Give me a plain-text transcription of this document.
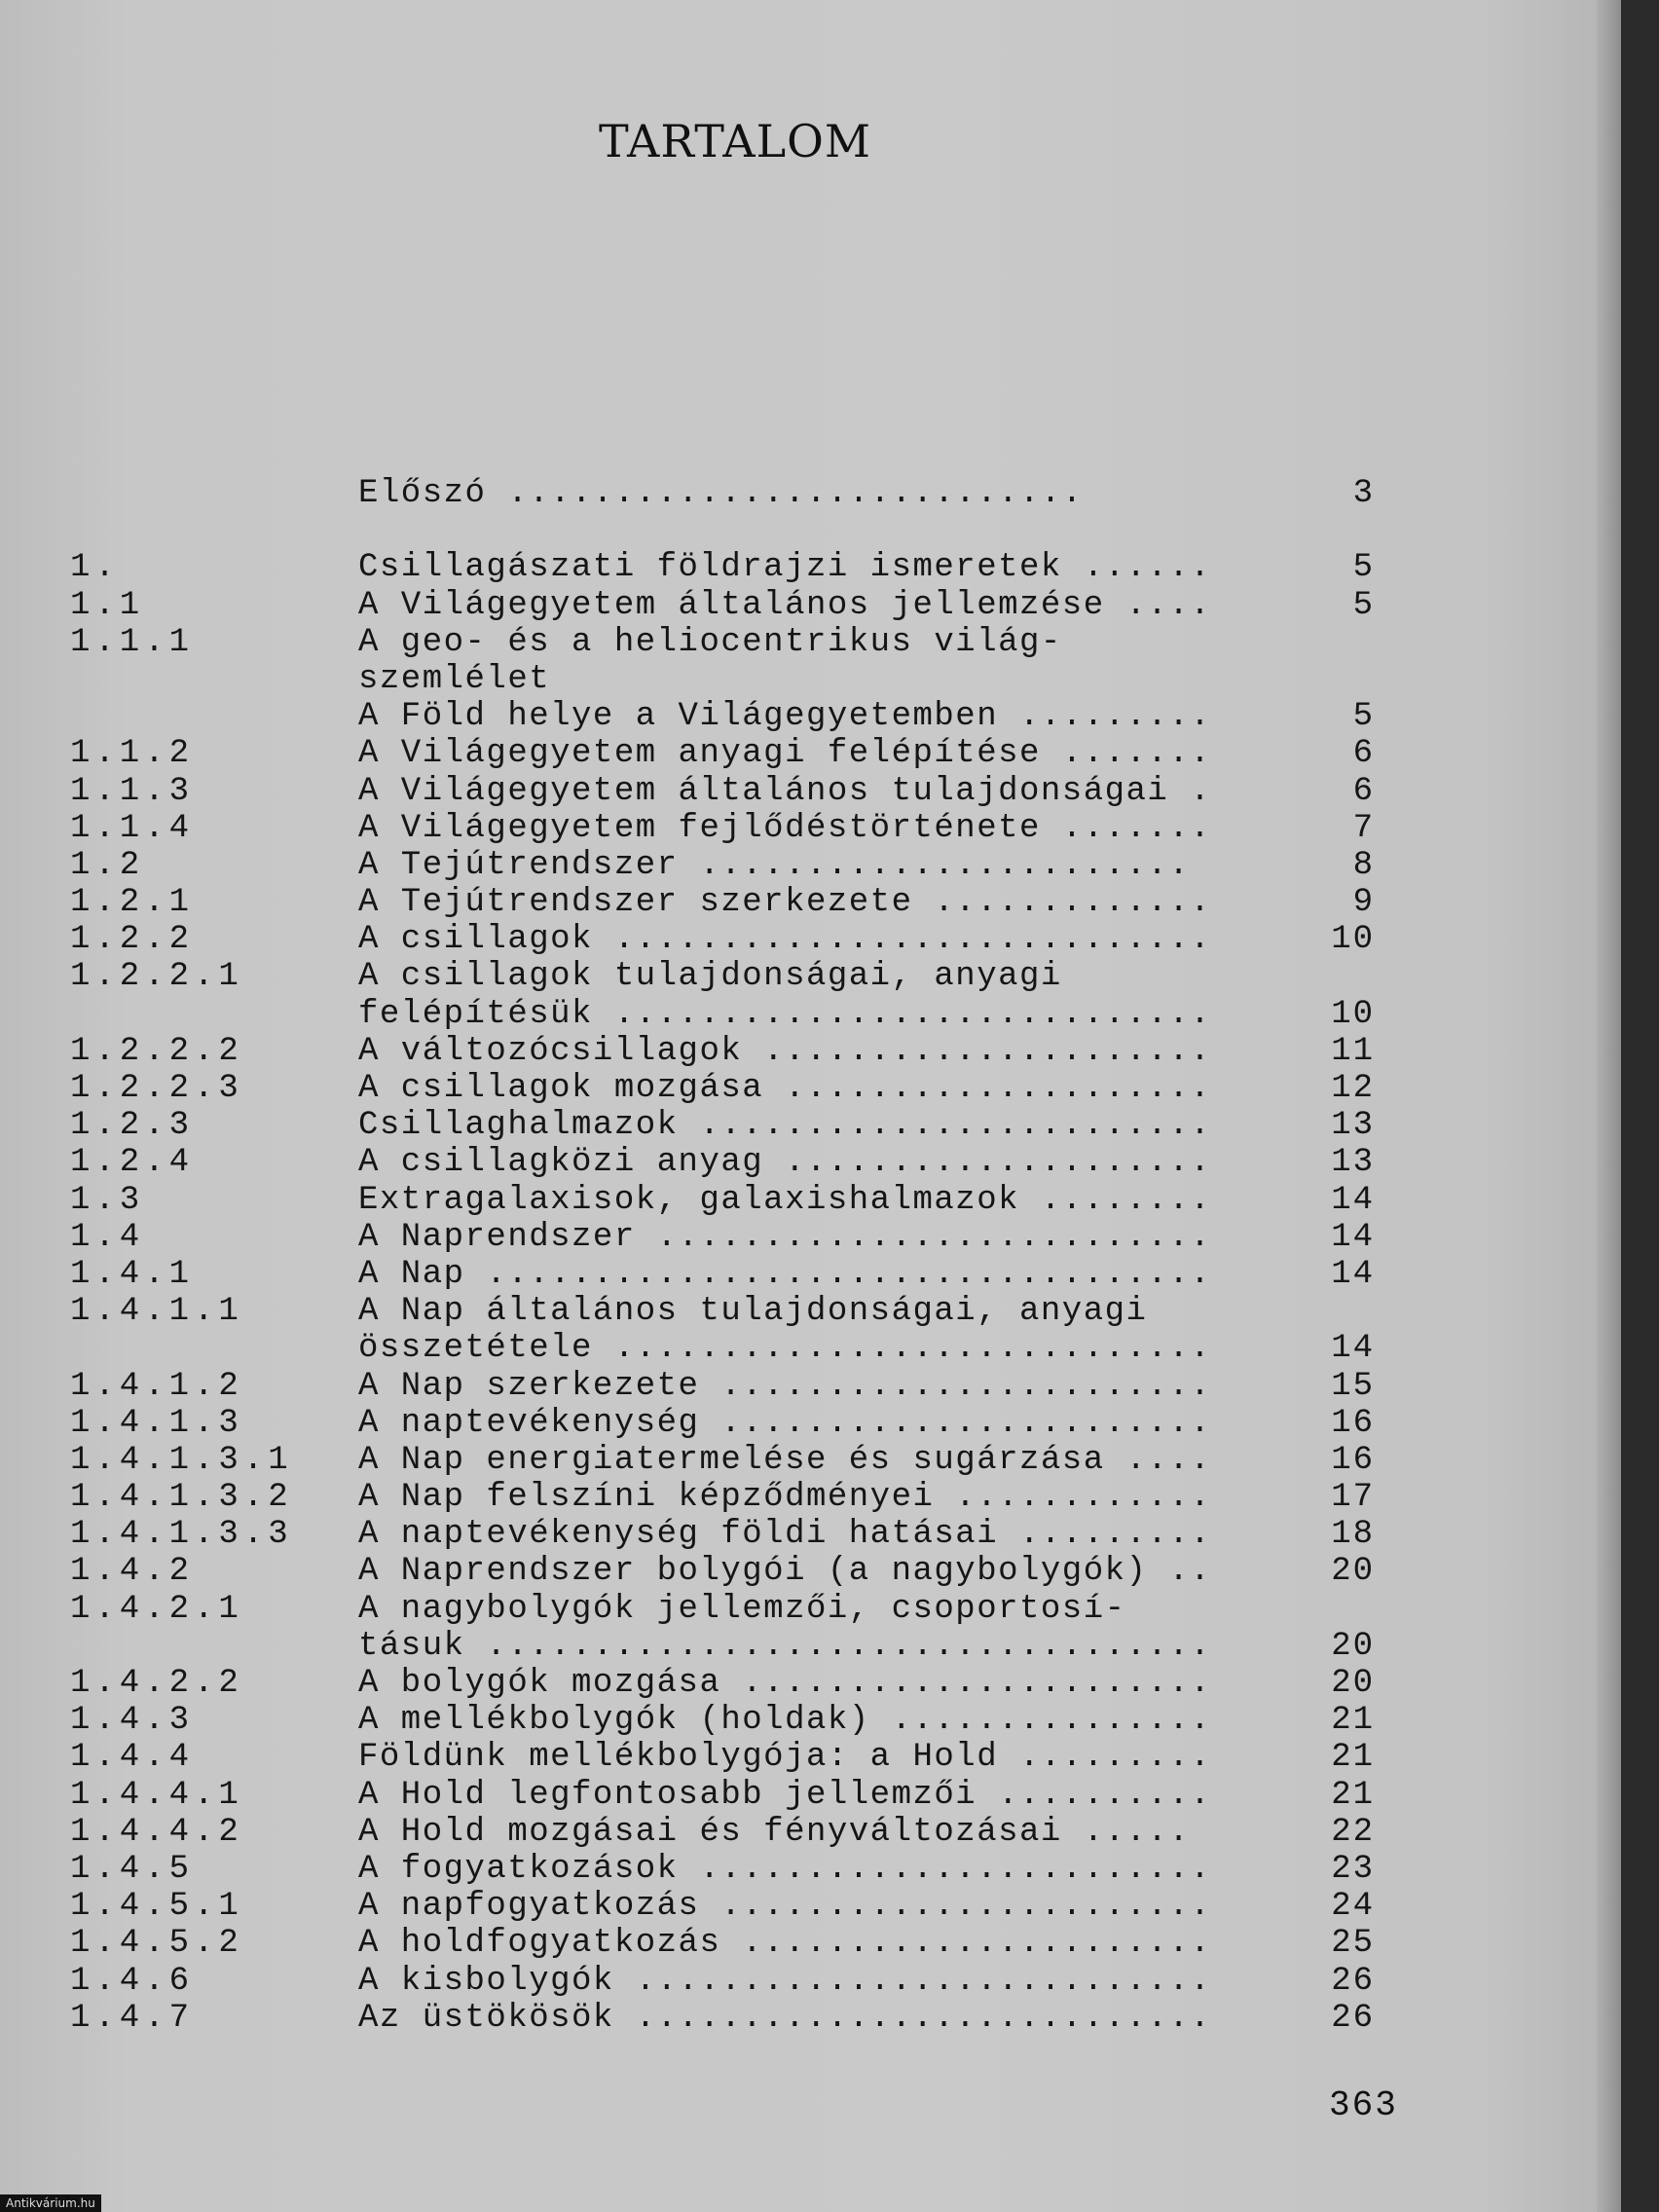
TARTALOM
Előszó ...........................	3
1.	Csillagászati földrajzi ismeretek ......	5
1.1	A Világegyetem általános jellemzése ....	5
1.1.1	A geo- és a heliocentrikus világ-
szemlélet
A Föld helye a Világegyetemben .........	5
1.1.2	A Világegyetem anyagi felépítése .......	6
1.1.3	A Világegyetem általános tulajdonságai .	6
1.1.4	A Világegyetem fejlődéstörténete .......	7
1.2	A Tejútrendszer .......................	8
1.2.1	A Tejútrendszer szerkezete .............	9
1.2.2	A csillagok ............................	10
1.2.2.1	A csillagok tulajdonságai, anyagi
felépítésük ............................	10
1.2.2.2	A változócsillagok .....................	11
1.2.2.3	A csillagok mozgása ....................	12
1.2.3	Csillaghalmazok ........................	13
1.2.4	A csillagközi anyag ....................	13
1.3	Extragalaxisok, galaxishalmazok ........	14
1.4	A Naprendszer ..........................	14
1.4.1	A Nap ..................................	14
1.4.1.1	A Nap általános tulajdonságai, anyagi
összetétele ............................	14
1.4.1.2	A Nap szerkezete .......................	15
1.4.1.3	A naptevékenység .......................	16
1.4.1.3.1 A Nap energiatermelése és sugárzása ....	16
1.4.1.3.2 A Nap felszíni képződményei ............	17
1.4.1.3.3 A naptevékenység földi hatásai .........	18
1.4.2	A Naprendszer bolygói (a nagybolygók) ..	20
1.4.2.1	A nagybolygók jellemzői, csoportosí-
tásuk ..................................	20
1.4.2.2	A bolygók mozgása ......................	20
1.4.3	A mellékbolygók (holdak) ...............	21
1.4.4	Földünk mellékbolygója: a Hold .........	21
1.4.4.1	A Hold legfontosabb jellemzői ..........	21
1.4.4.2	A Hold mozgásai és fényváltozásai .....	22
1.4.5	A fogyatkozások ........................	23
1.4.5.1	A napfogyatkozás .......................	24
1.4.5.2	A holdfogyatkozás ......................	25
1.4.6	A kisbolygók ...........................	26
1.4.7	Az üstökösök ...........................	26
363
Antikvárium.hu
